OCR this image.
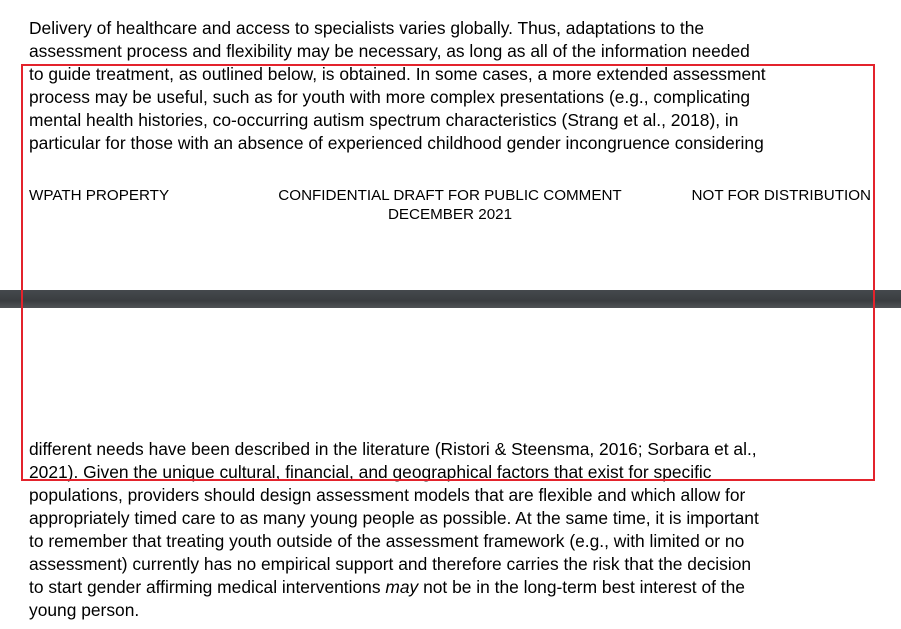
Delivery of healthcare and access to specialists varies globally. Thus, adaptations to the

assessment process and flexibility may be necessary, as long as all of the information needed

to guide treatment, as outlined below, is obtained. In some cases, a more extended assessment

process may be useful, such as for youth with more complex presentations (e.g., complicating

mental health histories, co-occurring autism spectrum characteristics (Strang et al., 2018), in

particular for those with an absence of experienced childhood gender incongruence considering

WPATH PROPERTY	CONFIDENTIAL DRAFT FOR PUBLIC COMMENT	NOT FOR DISTRIBUTION
DECEMBER 2021

different needs have been described in the literature (Ristori & Steensma, 2016; Sorbara et al.,

2021). Given the unique cultural, financial, and geographical factors that exist for specific

populations, providers should design assessment models that are flexible and which allow for

appropriately timed care to as many young people as possible. At the same time, it is important

to remember that treating youth outside of the assessment framework (e.g., with limited or no

assessment) currently has no empirical support and therefore carries the risk that the decision

to start gender affirming medical interventions may not be in the long-term best interest of the

young person.
